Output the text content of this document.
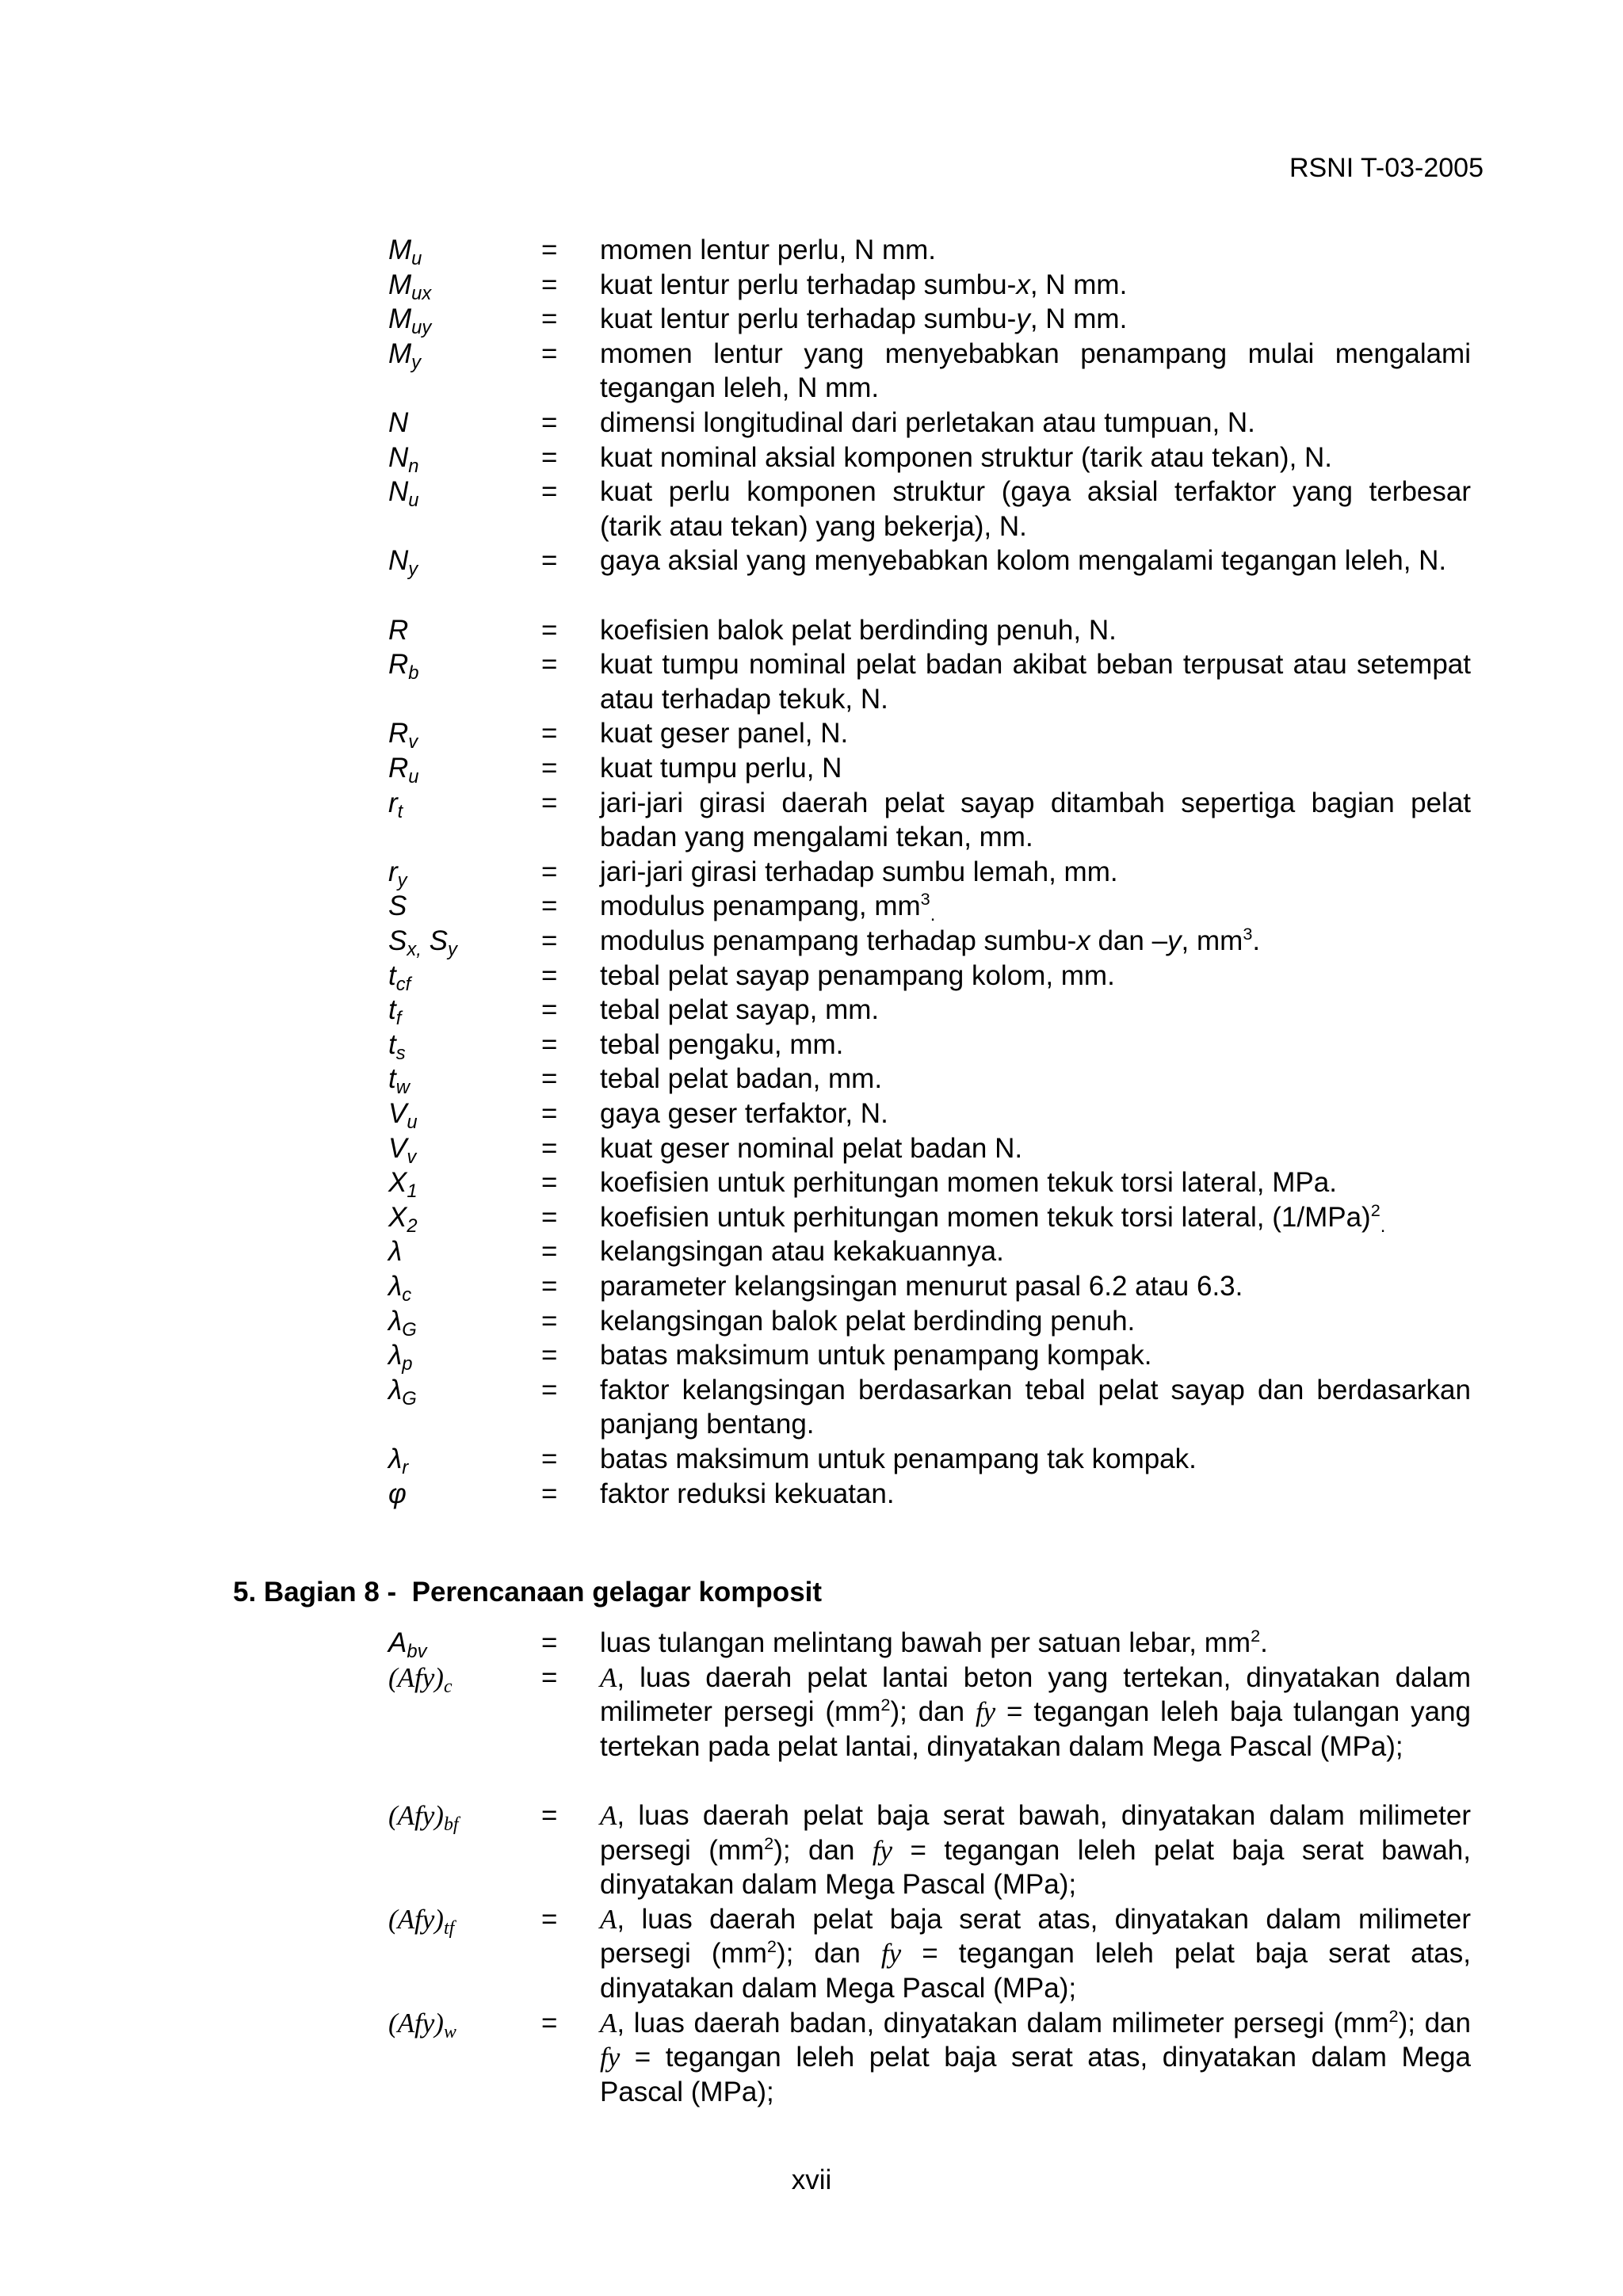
RSNI T-03-2005
$M_u$	= momen lentur perlu, N mm.
$M_{ux}$	= kuat lentur perlu terhadap sumbu-x, N mm.
$M_{uy}$	= kuat lentur perlu terhadap sumbu-y, N mm.
$M_y$	= momen lentur yang menyebabkan penampang mulai mengalami tegangan leleh, N mm.
N	= dimensi longitudinal dari perletakan atau tumpuan, N.
$N_n$	= kuat nominal aksial komponen struktur (tarik atau tekan), N.
$N_u$	= kuat perlu komponen struktur (gaya aksial terfaktor yang terbesar (tarik atau tekan) yang bekerja), N.
$N_y$	= gaya aksial yang menyebabkan kolom mengalami tegangan leleh, N.
R	= koefisien balok pelat berdinding penuh, N.
$R_b$	= kuat tumpu nominal pelat badan akibat beban terpusat atau setempat atau terhadap tekuk, N.
$R_v$	= kuat geser panel, N.
$R_u$	= kuat tumpu perlu, N
$r_t$	= jari-jari girasi daerah pelat sayap ditambah sepertiga bagian pelat badan yang mengalami tekan, mm.
$r_y$	= jari-jari girasi terhadap sumbu lemah, mm.
S	= modulus penampang, $mm^3_.$
$S_{x,}$ $S_y$	= modulus penampang terhadap sumbu-x dan –y, $mm^3$.
$t_{cf}$	= tebal pelat sayap penampang kolom, mm.
$t_f$	= tebal pelat sayap, mm.
$t_s$	= tebal pengaku, mm.
$t_w$	= tebal pelat badan, mm.
$V_u$	= gaya geser terfaktor, N.
$V_v$	= kuat geser nominal pelat badan N.
$X_1$	= koefisien untuk perhitungan momen tekuk torsi lateral, MPa.
$X_2$	= koefisien untuk perhitungan momen tekuk torsi lateral, $(1/MPa)^2_.$
λ	= kelangsingan atau kekakuannya.
$\lambda_c$	= parameter kelangsingan menurut pasal 6.2 atau 6.3.
$\lambda_G$	= kelangsingan balok pelat berdinding penuh.
$\lambda_p$	= batas maksimum untuk penampang kompak.
$\lambda_G$	= faktor kelangsingan berdasarkan tebal pelat sayap dan berdasarkan panjang bentang.
$\lambda_r$	= batas maksimum untuk penampang tak kompak.
φ	= faktor reduksi kekuatan.
5. Bagian 8 -  Perencanaan gelagar komposit
$A_{bv}$	= luas tulangan melintang bawah per satuan lebar, $mm^2$.
$(Afy)_c$	= A, luas daerah pelat lantai beton yang tertekan, dinyatakan dalam milimeter persegi $(mm^2)$; dan fy = tegangan leleh baja tulangan yang tertekan pada pelat lantai, dinyatakan dalam Mega Pascal (MPa);
$(Afy)_{bf}$	= A, luas daerah pelat baja serat bawah, dinyatakan dalam milimeter persegi $(mm^2)$; dan fy = tegangan leleh pelat baja serat bawah, dinyatakan dalam Mega Pascal (MPa);
$(Afy)_{tf}$	= A, luas daerah pelat baja serat atas, dinyatakan dalam milimeter persegi $(mm^2)$; dan fy = tegangan leleh pelat baja serat atas, dinyatakan dalam Mega Pascal (MPa);
$(Afy)_w$	= A, luas daerah badan, dinyatakan dalam milimeter persegi $(mm^2)$; dan fy = tegangan leleh pelat baja serat atas, dinyatakan dalam Mega Pascal (MPa);
xvii
